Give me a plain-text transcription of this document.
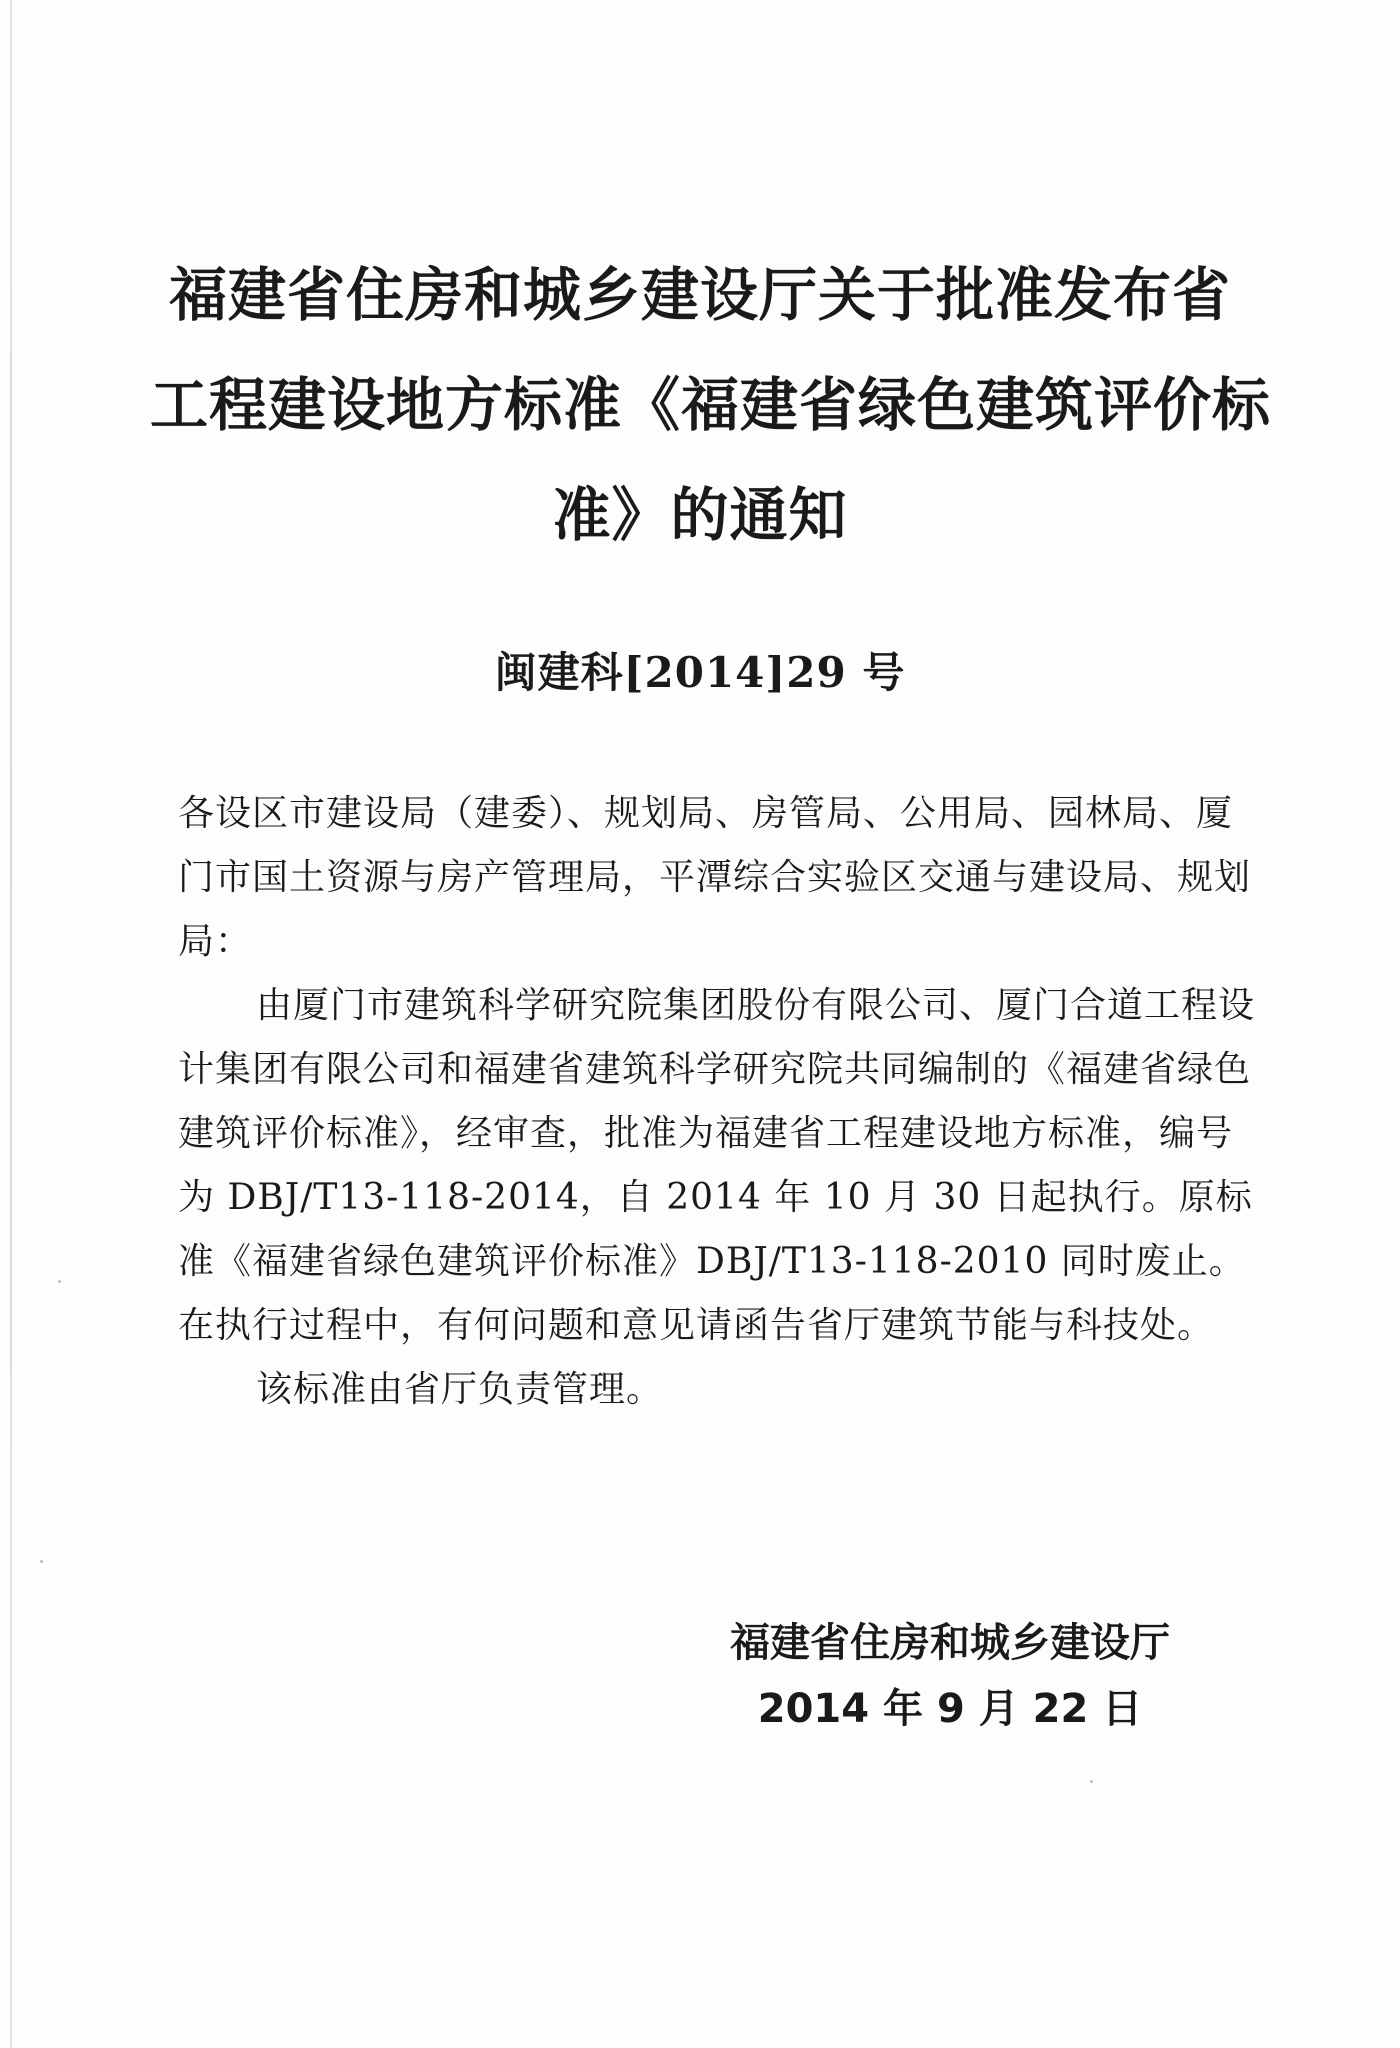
福建省住房和城乡建设厅关于批准发布省
工程建设地方标准《福建省绿色建筑评价标
准》的通知
闽建科[2014]29 号

各设区市建设局（建委）、规划局、房管局、公用局、园林局、厦门市国土资源与房产管理局，平潭综合实验区交通与建设局、规划局：

由厦门市建筑科学研究院集团股份有限公司、厦门合道工程设计集团有限公司和福建省建筑科学研究院共同编制的《福建省绿色建筑评价标准》，经审查，批准为福建省工程建设地方标准，编号为 DBJ/T13-118-2014，自 2014 年 10 月 30 日起执行。原标准《福建省绿色建筑评价标准》DBJ/T13-118-2010 同时废止。在执行过程中，有何问题和意见请函告省厅建筑节能与科技处。

该标准由省厅负责管理。

福建省住房和城乡建设厅
2014 年 9 月 22 日
